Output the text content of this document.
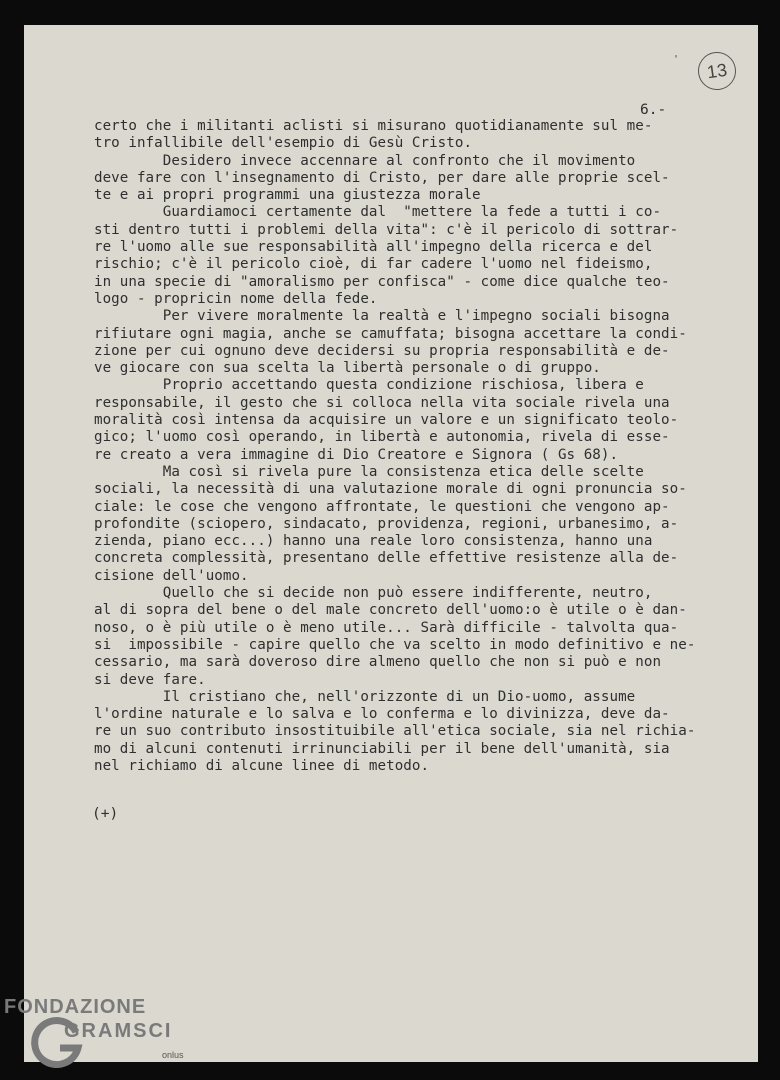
'	13
6.-
certo che i militanti aclisti si misurano quotidianamente sul me-
tro infallibile dell'esempio di Gesù Cristo.
Desidero invece accennare al confronto che il movimento
deve fare con l'insegnamento di Cristo, per dare alle proprie scel-
te e ai propri programmi una giustezza morale
Guardiamoci certamente dal  "mettere la fede a tutti i co-
sti dentro tutti i problemi della vita": c'è il pericolo di sottrar-
re l'uomo alle sue responsabilità all'impegno della ricerca e del
rischio; c'è il pericolo cioè, di far cadere l'uomo nel fideismo,
in una specie di "amoralismo per confisca" - come dice qualche teo-
logo - propricin nome della fede.
Per vivere moralmente la realtà e l'impegno sociali bisogna
rifiutare ogni magia, anche se camuffata; bisogna accettare la condi-
zione per cui ognuno deve decidersi su propria responsabilità e de-
ve giocare con sua scelta la libertà personale o di gruppo.
Proprio accettando questa condizione rischiosa, libera e
responsabile, il gesto che si colloca nella vita sociale rivela una
moralità così intensa da acquisire un valore e un significato teolo-
gico; l'uomo così operando, in libertà e autonomia, rivela di esse-
re creato a vera immagine di Dio Creatore e Signora ( Gs 68).
Ma così si rivela pure la consistenza etica delle scelte
sociali, la necessità di una valutazione morale di ogni pronuncia so-
ciale: le cose che vengono affrontate, le questioni che vengono ap-
profondite (sciopero, sindacato, providenza, regioni, urbanesimo, a-
zienda, piano ecc...) hanno una reale loro consistenza, hanno una
concreta complessità, presentano delle effettive resistenze alla de-
cisione dell'uomo.
Quello che si decide non può essere indifferente, neutro,
al di sopra del bene o del male concreto dell'uomo:o è utile o è dan-
noso, o è più utile o è meno utile... Sarà difficile - talvolta qua-
si  impossibile - capire quello che va scelto in modo definitivo e ne-
cessario, ma sarà doveroso dire almeno quello che non si può e non
si deve fare.
Il cristiano che, nell'orizzonte di un Dio-uomo, assume
l'ordine naturale e lo salva e lo conferma e lo divinizza, deve da-
re un suo contributo insostituibile all'etica sociale, sia nel richia-
mo di alcuni contenuti irrinunciabili per il bene dell'umanità, sia
nel richiamo di alcune linee di metodo.
(+)
FONDAZIONE
GRAMSCI
onlus
